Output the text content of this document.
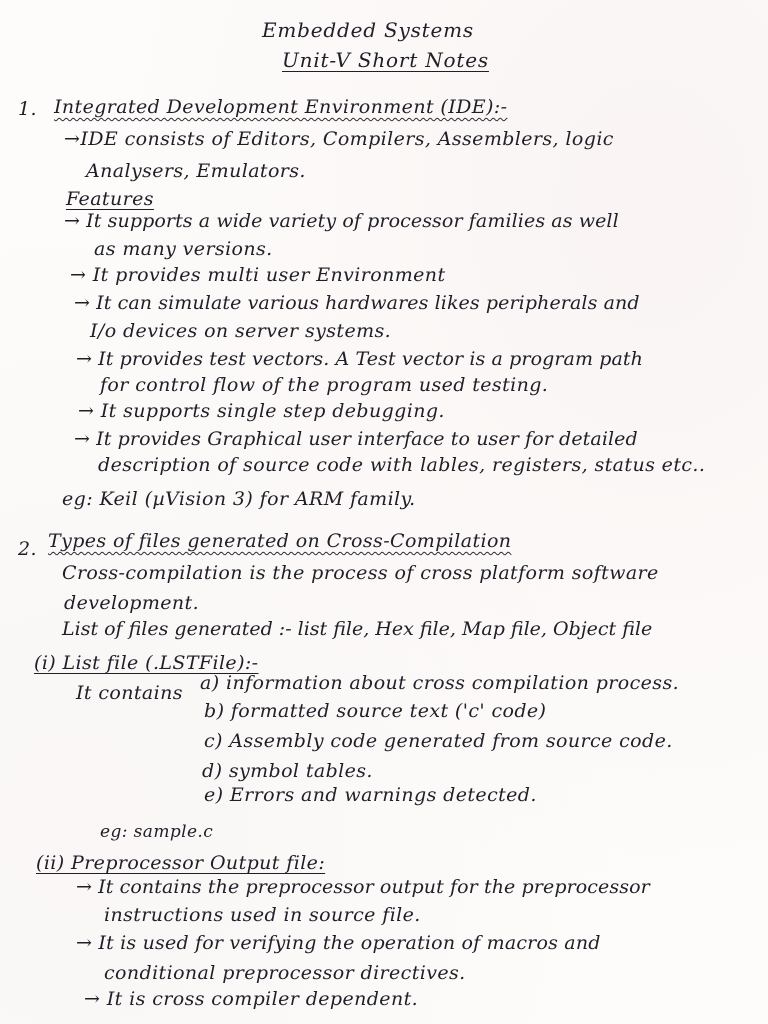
Embedded Systems
Unit-V Short Notes
1. Integrated Development Environment (IDE):-
→IDE consists of Editors, Compilers, Assemblers, logic
Analysers, Emulators.
Features
→ It supports a wide variety of processor families as well
as many versions.
→ It provides multi user Environment
→ It can simulate various hardwares likes peripherals and
I/o devices on server systems.
→ It provides test vectors. A Test vector is a program path
for control flow of the program used testing.
→ It supports single step debugging.
→ It provides Graphical user interface to user for detailed
description of source code with lables, registers, status etc..
eg: Keil (µVision 3) for ARM family.
2. Types of files generated on Cross-Compilation
Cross-compilation is the process of cross platform software
development.
List of files generated :- list file, Hex file, Map file, Object file
(i) List file (.LSTFile):-
It contains a) information about cross compilation process.
b) formatted source text ('c' code)
c) Assembly code generated from source code.
d) symbol tables.
e) Errors and warnings detected.
eg: sample.c
(ii) Preprocessor Output file:
→ It contains the preprocessor output for the preprocessor
instructions used in source file.
→ It is used for verifying the operation of macros and
conditional preprocessor directives.
→ It is cross compiler dependent.
